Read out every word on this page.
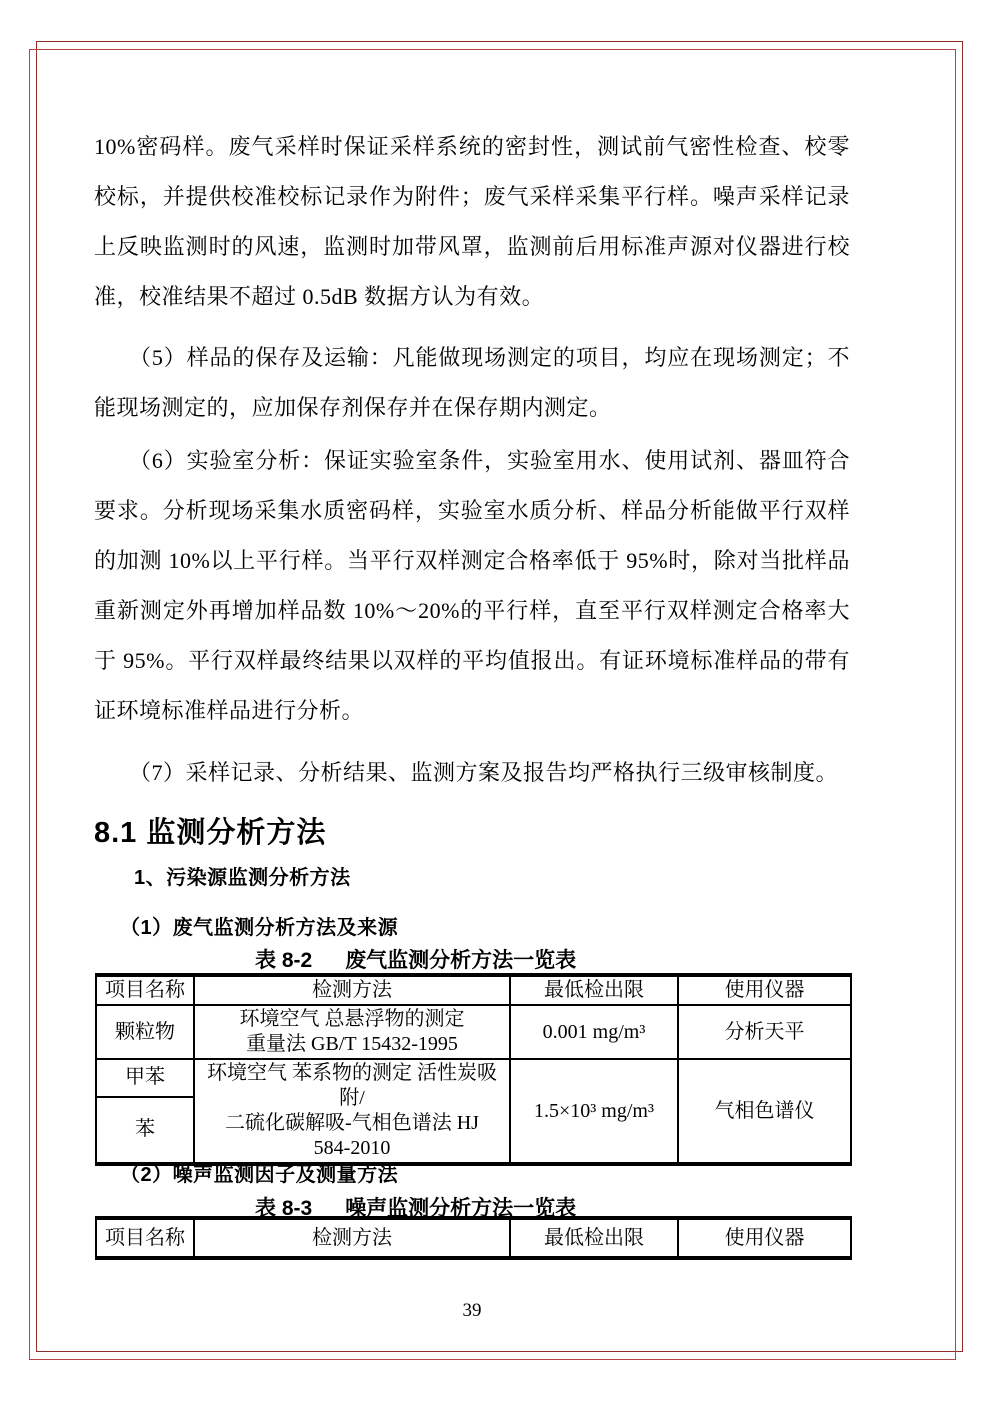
10%密码样。废气采样时保证采样系统的密封性，测试前气密性检查、校零校标，并提供校准校标记录作为附件；废气采样采集平行样。噪声采样记录上反映监测时的风速，监测时加带风罩，监测前后用标准声源对仪器进行校准，校准结果不超过 0.5dB 数据方认为有效。

（5）样品的保存及运输：凡能做现场测定的项目，均应在现场测定；不能现场测定的，应加保存剂保存并在保存期内测定。

（6）实验室分析：保证实验室条件，实验室用水、使用试剂、器皿符合要求。分析现场采集水质密码样，实验室水质分析、样品分析能做平行双样的加测 10%以上平行样。当平行双样测定合格率低于 95%时，除对当批样品重新测定外再增加样品数 10%～20%的平行样，直至平行双样测定合格率大于 95%。平行双样最终结果以双样的平均值报出。有证环境标准样品的带有证环境标准样品进行分析。

（7）采样记录、分析结果、监测方案及报告均严格执行三级审核制度。

8.1 监测分析方法
1、污染源监测分析方法
（1）废气监测分析方法及来源

表 8-2 废气监测分析方法一览表

项目名称	检测方法	最低检出限	使用仪器
颗粒物	环境空气 总悬浮物的测定
重量法 GB/T 15432-1995	0.001 mg/m³	分析天平
甲苯	环境空气 苯系物的测定 活性炭吸附/
二硫化碳解吸-气相色谱法 HJ
584-2010	1.5×10³ mg/m³	气相色谱仪
苯			
（2）噪声监测因子及测量方法

表 8-3 噪声监测分析方法一览表

项目名称	检测方法	最低检出限	使用仪器
39
